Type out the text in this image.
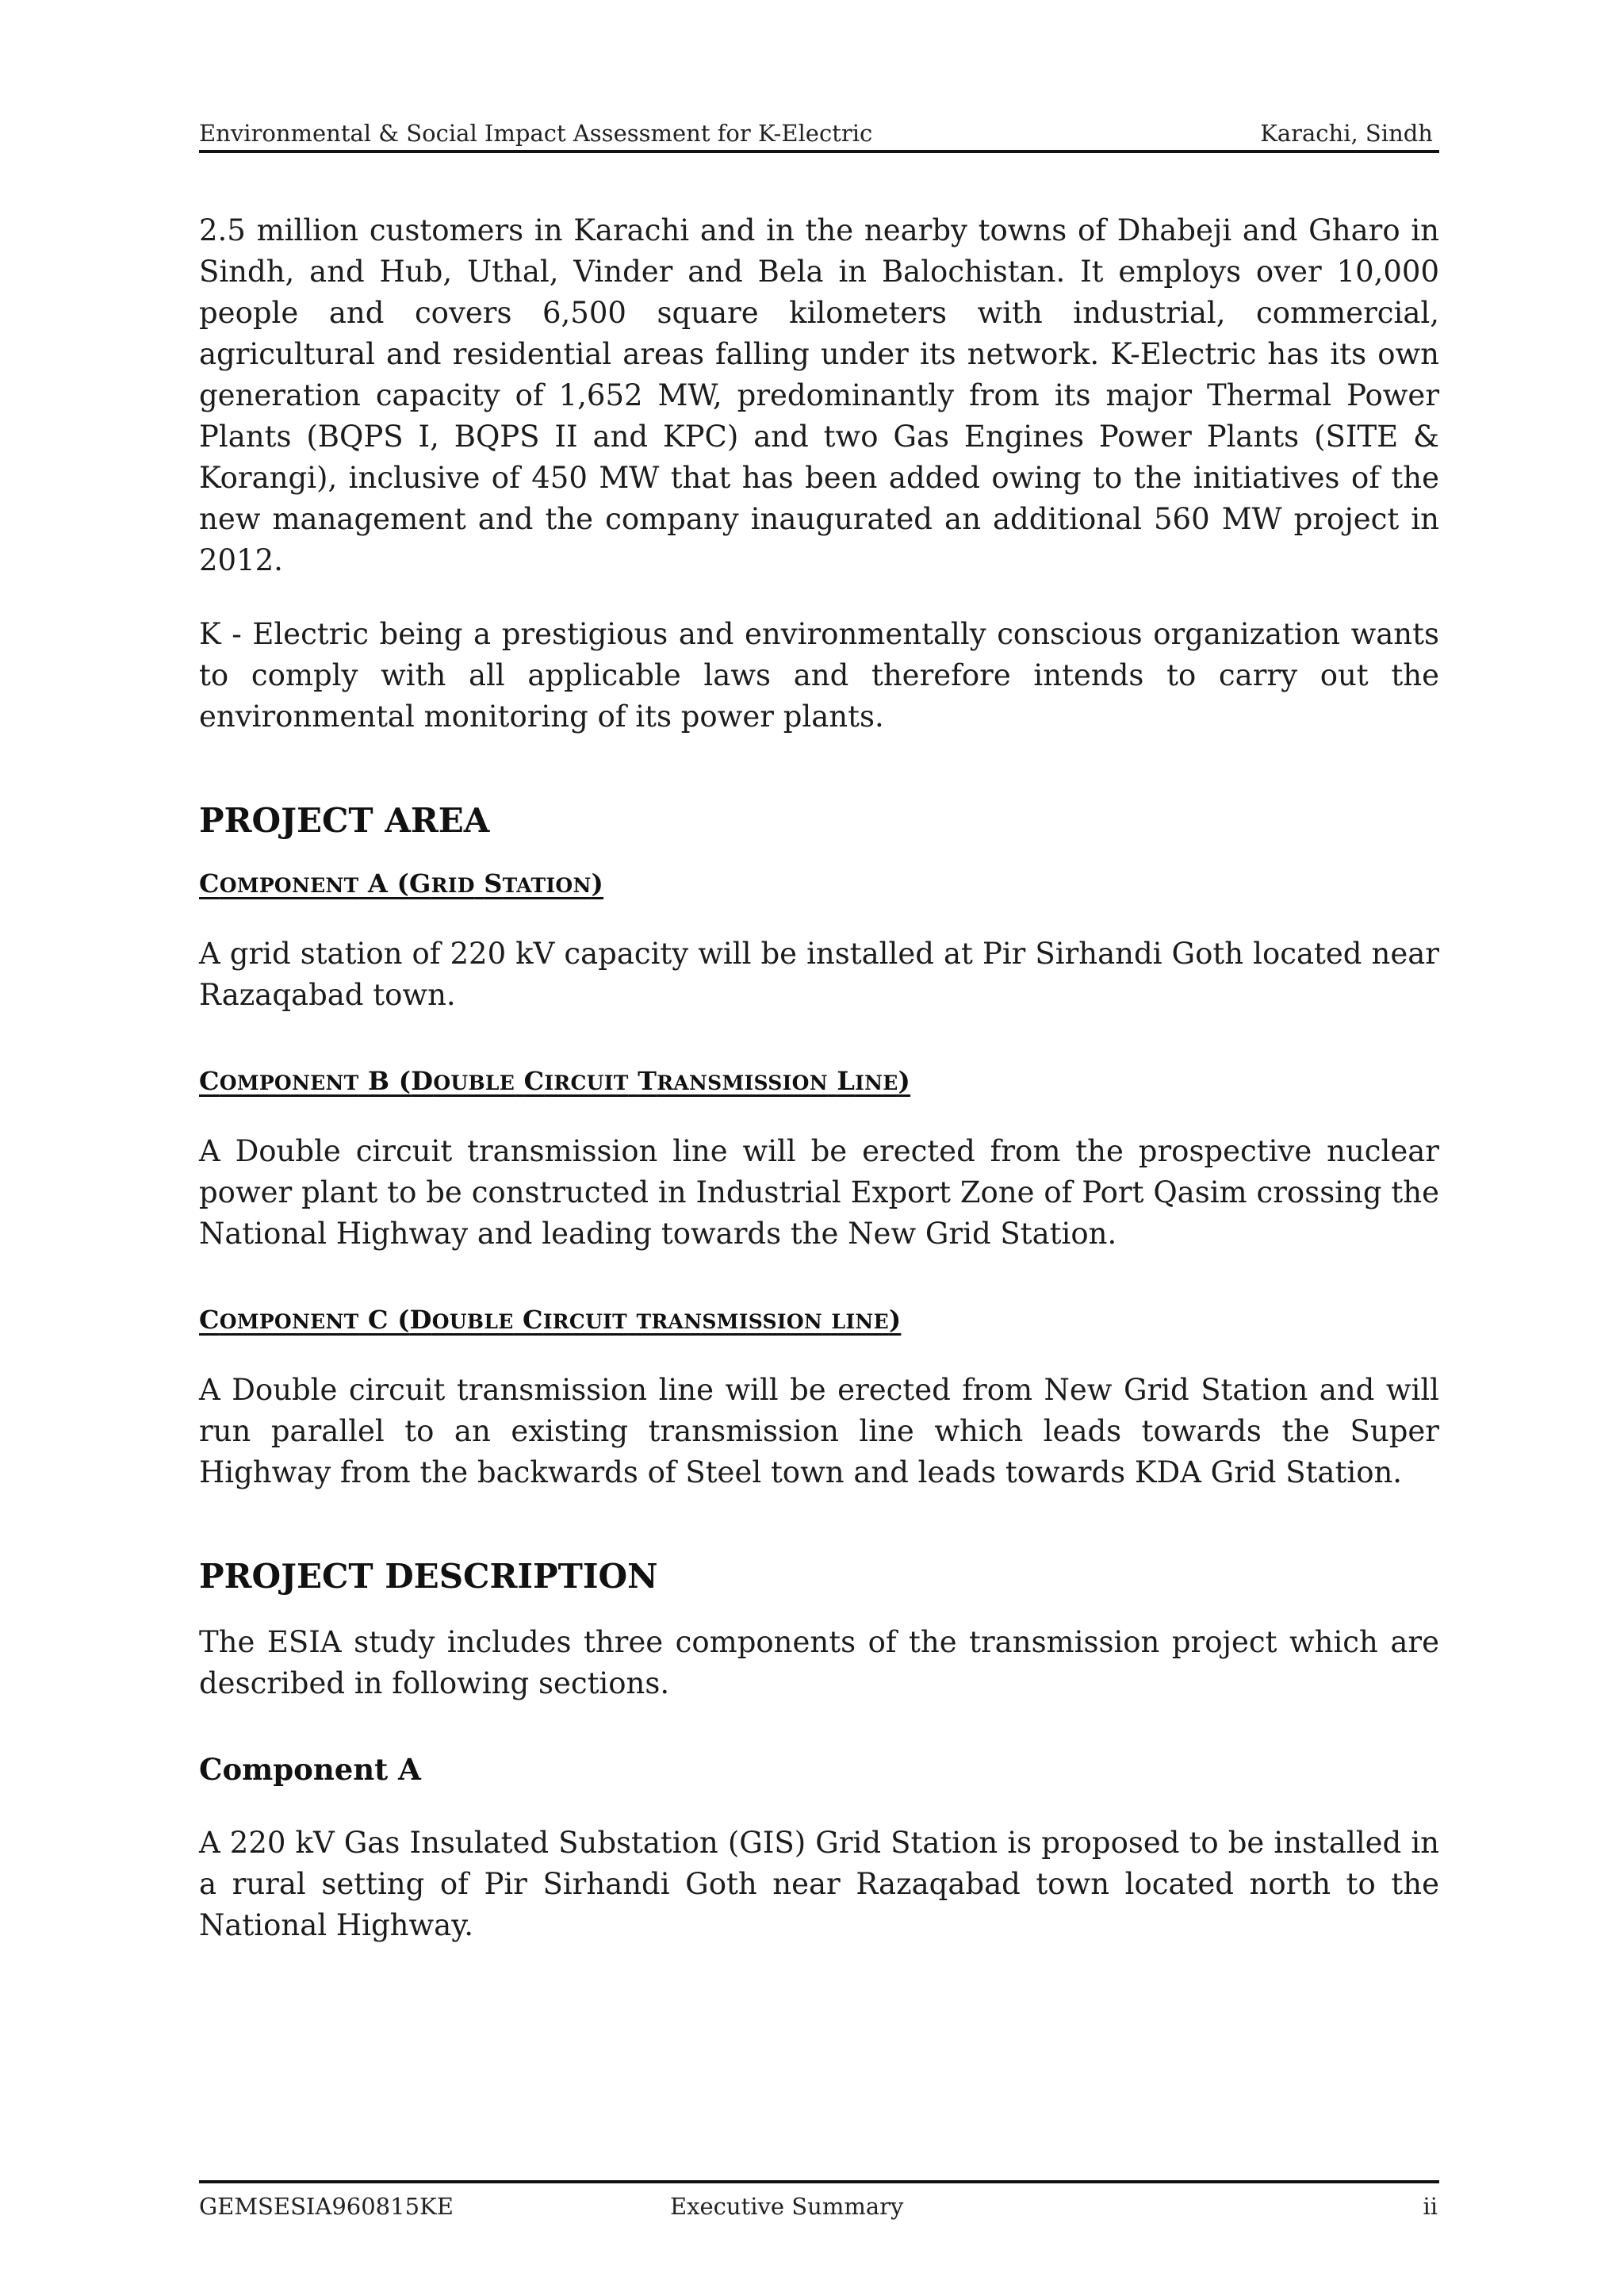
Environmental & Social Impact Assessment for K-Electric	Karachi, Sindh

2.5 million customers in Karachi and in the nearby towns of Dhabeji and Gharo in Sindh, and Hub, Uthal, Vinder and Bela in Balochistan. It employs over 10,000 people and covers 6,500 square kilometers with industrial, commercial, agricultural and residential areas falling under its network. K-Electric has its own generation capacity of 1,652 MW, predominantly from its major Thermal Power Plants (BQPS I, BQPS II and KPC) and two Gas Engines Power Plants (SITE & Korangi), inclusive of 450 MW that has been added owing to the initiatives of the new management and the company inaugurated an additional 560 MW project in 2012.

K - Electric being a prestigious and environmentally conscious organization wants to comply with all applicable laws and therefore intends to carry out the environmental monitoring of its power plants.

PROJECT AREA
COMPONENT A (GRID STATION)

A grid station of 220 kV capacity will be installed at Pir Sirhandi Goth located near Razaqabad town.

COMPONENT B (DOUBLE CIRCUIT TRANSMISSION LINE)

A Double circuit transmission line will be erected from the prospective nuclear power plant to be constructed in Industrial Export Zone of Port Qasim crossing the National Highway and leading towards the New Grid Station.

COMPONENT C (DOUBLE CIRCUIT TRANSMISSION LINE)

A Double circuit transmission line will be erected from New Grid Station and will run parallel to an existing transmission line which leads towards the Super Highway from the backwards of Steel town and leads towards KDA Grid Station.

PROJECT DESCRIPTION

The ESIA study includes three components of the transmission project which are described in following sections.

Component A

A 220 kV Gas Insulated Substation (GIS) Grid Station is proposed to be installed in a rural setting of Pir Sirhandi Goth near Razaqabad town located north to the National Highway.

GEMSESIA960815KE	Executive Summary	ii
